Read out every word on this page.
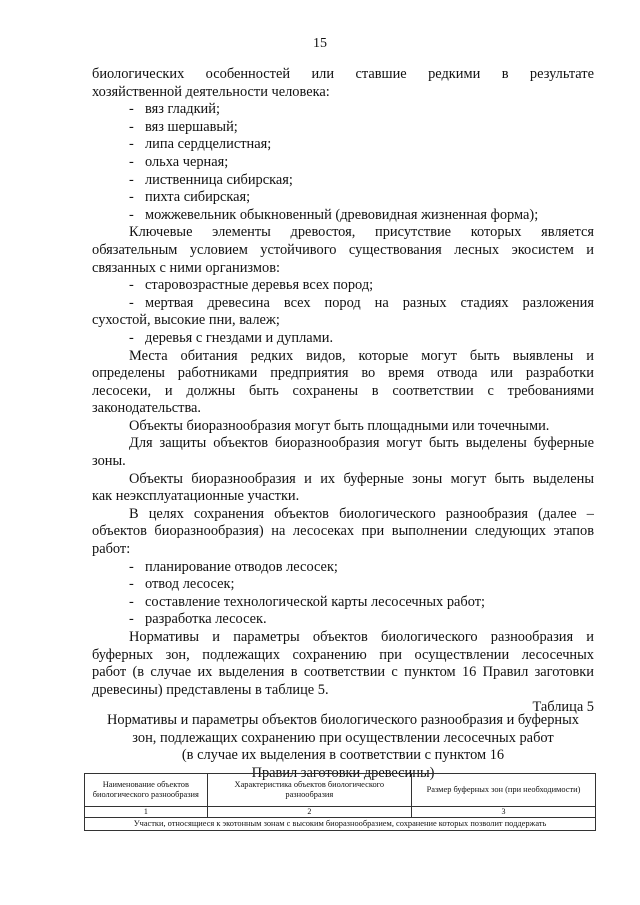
15
биологических особенностей или ставшие редкими в результате
хозяйственной деятельности человека:
- вяз гладкий;
- вяз шершавый;
- липа сердцелистная;
- ольха черная;
- лиственница сибирская;
- пихта сибирская;
- можжевельник обыкновенный (древовидная жизненная форма);
Ключевые элементы древостоя, присутствие которых является
обязательным условием устойчивого существования лесных экосистем и
связанных с ними организмов:
- старовозрастные деревья всех пород;
- мертвая древесина всех пород на разных стадиях разложения
сухостой, высокие пни, валеж;
- деревья с гнездами и дуплами.
Места обитания редких видов, которые могут быть выявлены и
определены работниками предприятия во время отвода или разработки
лесосеки, и должны быть сохранены в соответствии с требованиями
законодательства.
Объекты биоразнообразия могут быть площадными или точечными.
Для защиты объектов биоразнообразия могут быть выделены буферные
зоны.
Объекты биоразнообразия и их буферные зоны могут быть выделены
как неэксплуатационные участки.
В целях сохранения объектов биологического разнообразия (далее –
объектов биоразнообразия) на лесосеках при выполнении следующих этапов
работ:
- планирование отводов лесосек;
- отвод лесосек;
- составление технологической карты лесосечных работ;
- разработка лесосек.
Нормативы и параметры объектов биологического разнообразия и
буферных зон, подлежащих сохранению при осуществлении лесосечных
работ (в случае их выделения в соответствии с пунктом 16 Правил заготовки
древесины) представлены в таблице 5.
Таблица 5
Нормативы и параметры объектов биологического разнообразия и буферных
зон, подлежащих сохранению при осуществлении лесосечных работ
(в случае их выделения в соответствии с пунктом 16
Правил заготовки древесины)
Наименование объектов биологического разнообразия	Характеристика объектов биологического разнообразия	Размер буферных зон (при необходимости)
1	2	3
Участки, относящиеся к экотонным зонам с высоким биоразнообразием, сохранение которых позволит поддержать		
